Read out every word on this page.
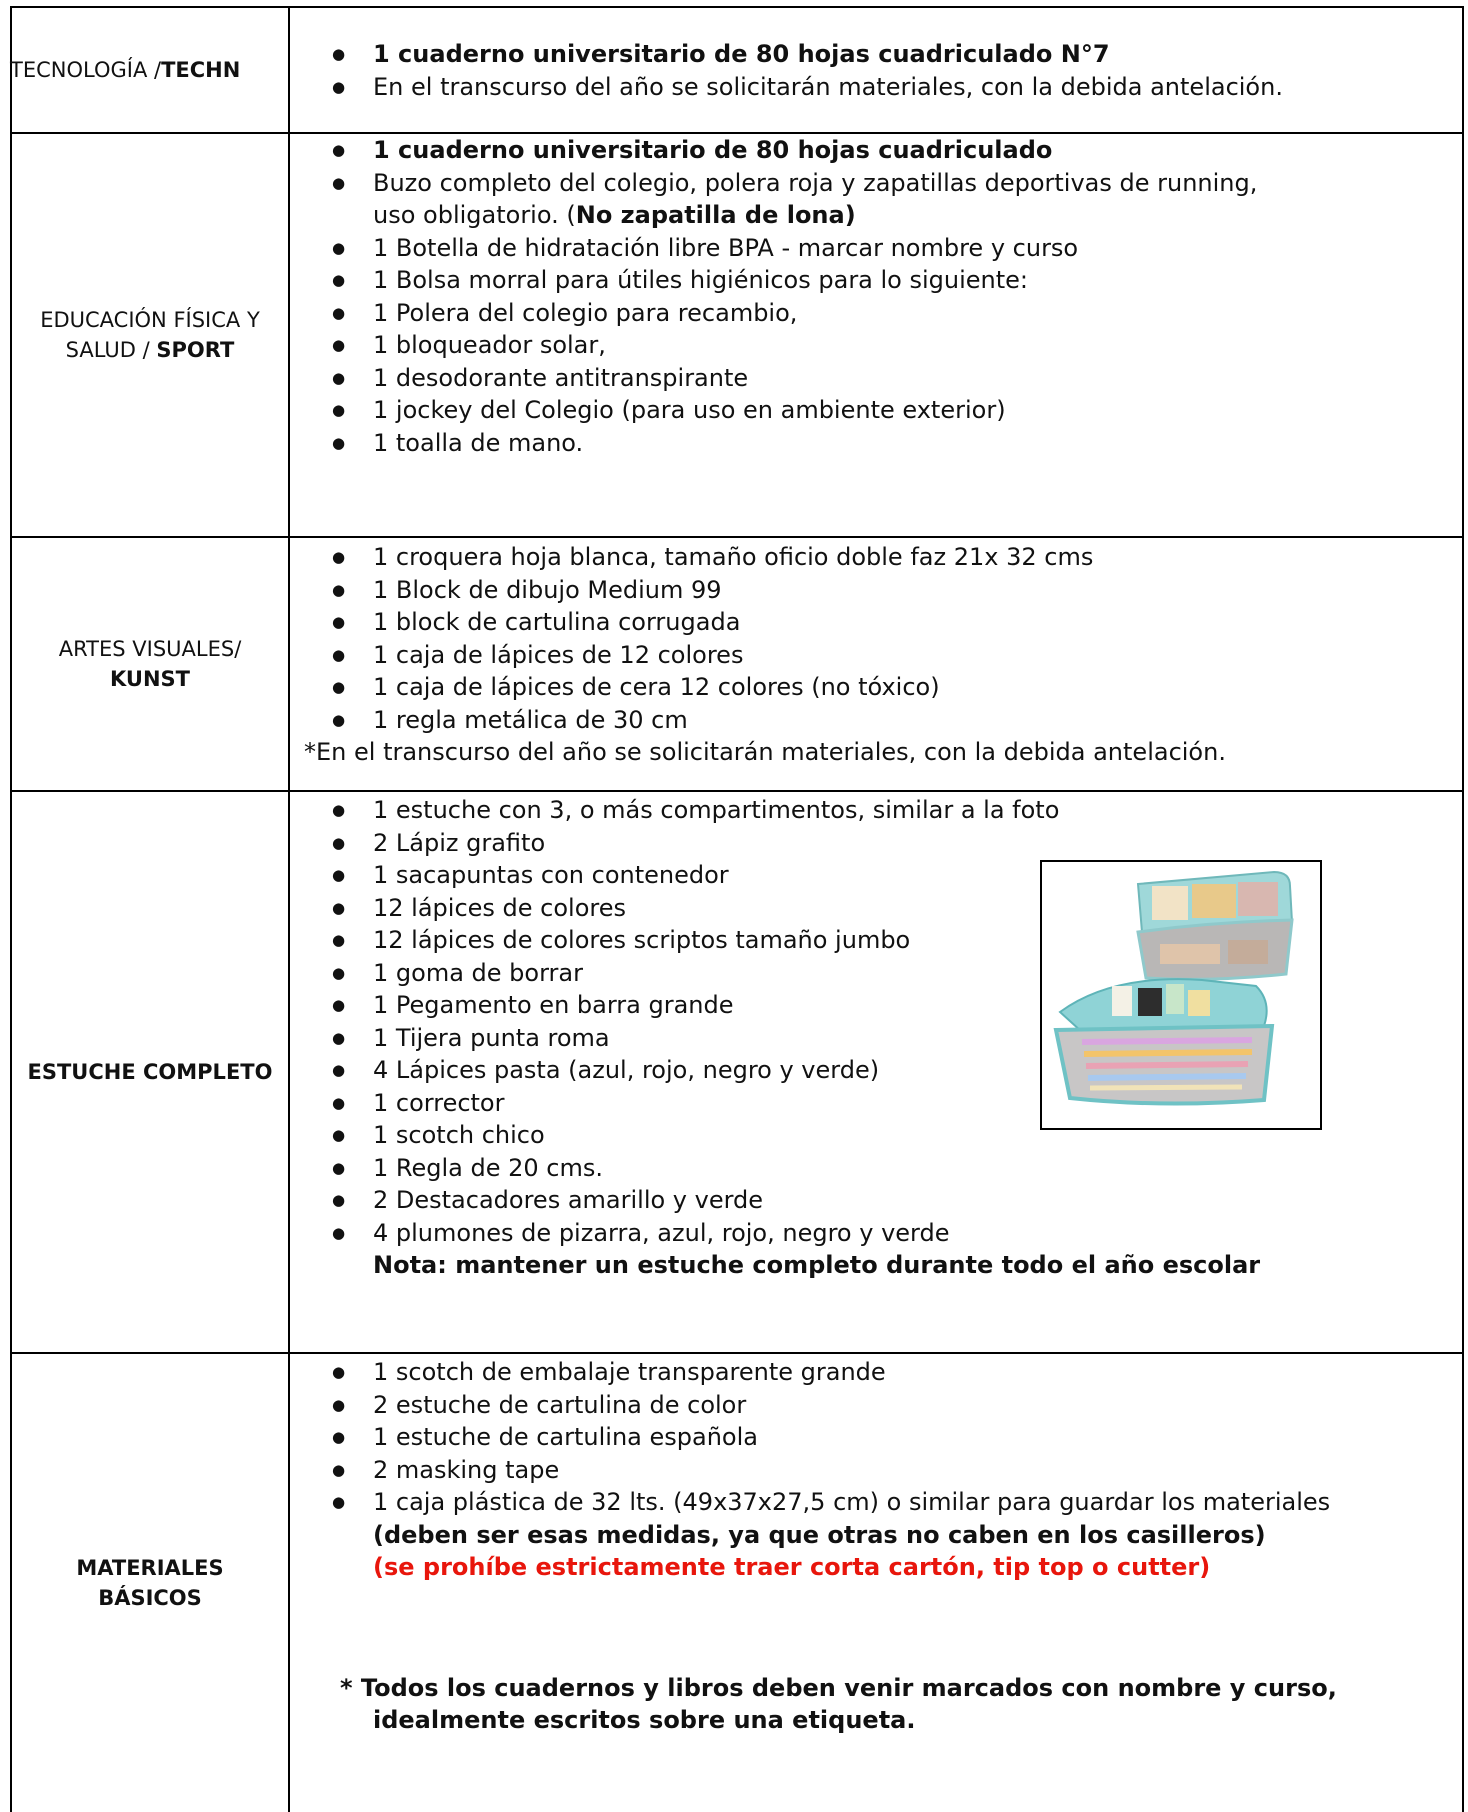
TECNOLOGÍA /TECHN
● 1 cuaderno universitario de 80 hojas cuadriculado N°7
● En el transcurso del año se solicitarán materiales, con la debida antelación.
EDUCACIÓN FÍSICA Y
SALUD / SPORT
● 1 cuaderno universitario de 80 hojas cuadriculado
● Buzo completo del colegio, polera roja y zapatillas deportivas de running,
uso obligatorio. (No zapatilla de lona)
● 1 Botella de hidratación libre BPA - marcar nombre y curso
● 1 Bolsa morral para útiles higiénicos para lo siguiente:
● 1 Polera del colegio para recambio,
● 1 bloqueador solar,
● 1 desodorante antitranspirante
● 1 jockey del Colegio (para uso en ambiente exterior)
● 1 toalla de mano.
ARTES VISUALES/
KUNST
● 1 croquera hoja blanca, tamaño oficio doble faz 21x 32 cms
● 1 Block de dibujo Medium 99
● 1 block de cartulina corrugada
● 1 caja de lápices de 12 colores
● 1 caja de lápices de cera 12 colores (no tóxico)
● 1 regla metálica de 30 cm
*En el transcurso del año se solicitarán materiales, con la debida antelación.
ESTUCHE COMPLETO
● 1 estuche con 3, o más compartimentos, similar a la foto
● 2 Lápiz grafito
● 1 sacapuntas con contenedor
● 12 lápices de colores
● 12 lápices de colores scriptos tamaño jumbo
● 1 goma de borrar
● 1 Pegamento en barra grande
● 1 Tijera punta roma
● 4 Lápices pasta (azul, rojo, negro y verde)
● 1 corrector
● 1 scotch chico
● 1 Regla de 20 cms.
● 2 Destacadores amarillo y verde
● 4 plumones de pizarra, azul, rojo, negro y verde
Nota: mantener un estuche completo durante todo el año escolar
MATERIALES
BÁSICOS
● 1 scotch de embalaje transparente grande
● 2 estuche de cartulina de color
● 1 estuche de cartulina española
● 2 masking tape
● 1 caja plástica de 32 lts. (49x37x27,5 cm) o similar para guardar los materiales
(deben ser esas medidas, ya que otras no caben en los casilleros)
(se prohíbe estrictamente traer corta cartón, tip top o cutter)
* Todos los cuadernos y libros deben venir marcados con nombre y curso,
idealmente escritos sobre una etiqueta.
